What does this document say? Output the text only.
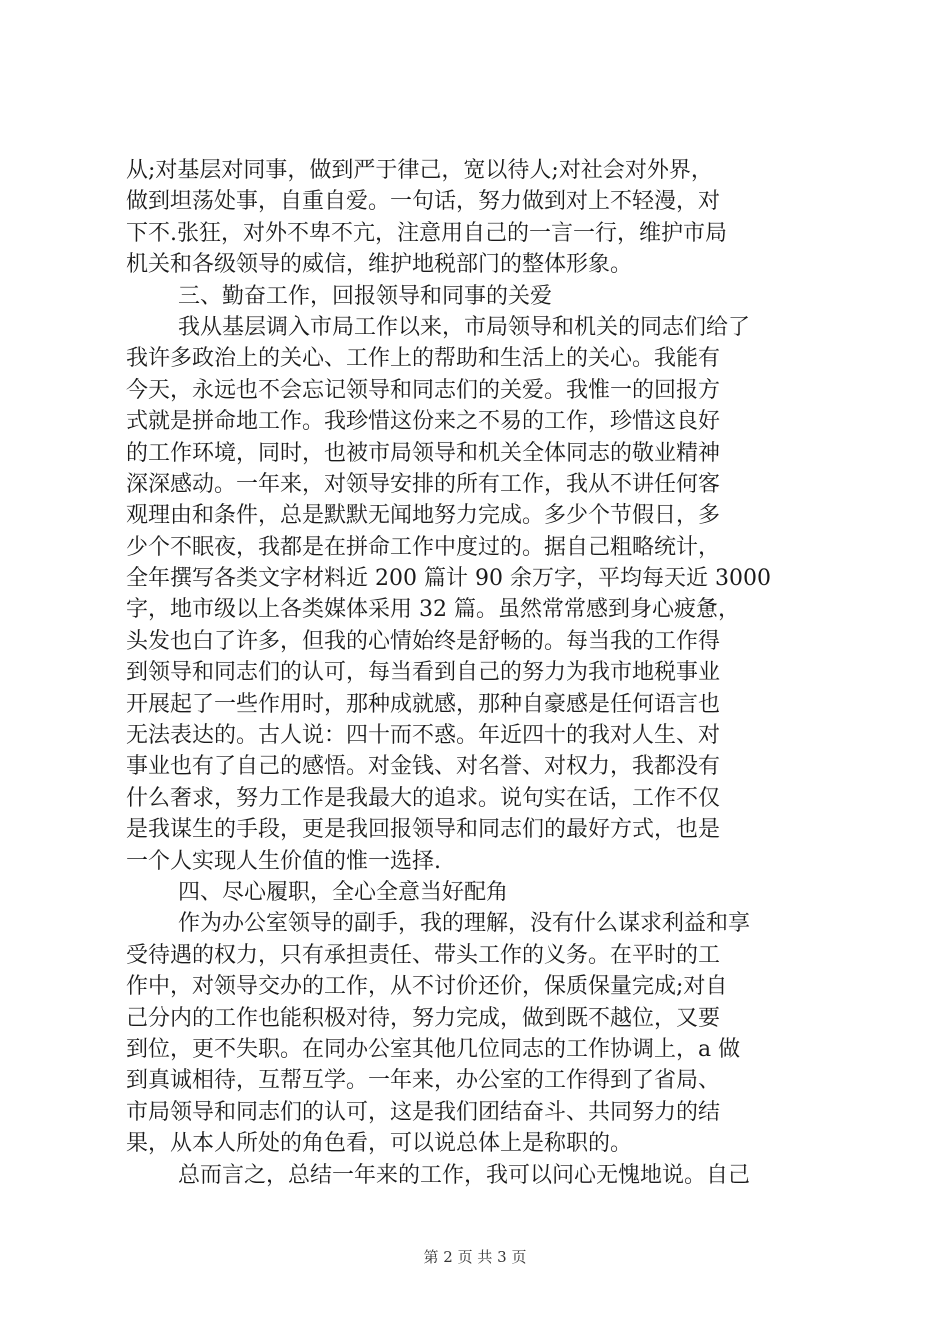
从;对基层对同事，做到严于律己，宽以待人;对社会对外界，
做到坦荡处事，自重自爱。一句话，努力做到对上不轻漫，对
下不.张狂，对外不卑不亢，注意用自己的一言一行，维护市局
机关和各级领导的威信，维护地税部门的整体形象。
三、勤奋工作，回报领导和同事的关爱
我从基层调入市局工作以来，市局领导和机关的同志们给了
我许多政治上的关心、工作上的帮助和生活上的关心。我能有
今天，永远也不会忘记领导和同志们的关爱。我惟一的回报方
式就是拼命地工作。我珍惜这份来之不易的工作，珍惜这良好
的工作环境，同时，也被市局领导和机关全体同志的敬业精神
深深感动。一年来，对领导安排的所有工作，我从不讲任何客
观理由和条件，总是默默无闻地努力完成。多少个节假日，多
少个不眠夜，我都是在拼命工作中度过的。据自己粗略统计，
全年撰写各类文字材料近 200 篇计 90 余万字，平均每天近 3000
字，地市级以上各类媒体采用 32 篇。虽然常常感到身心疲惫，
头发也白了许多，但我的心情始终是舒畅的。每当我的工作得
到领导和同志们的认可，每当看到自己的努力为我市地税事业
开展起了一些作用时，那种成就感，那种自豪感是任何语言也
无法表达的。古人说：四十而不惑。年近四十的我对人生、对
事业也有了自己的感悟。对金钱、对名誉、对权力，我都没有
什么奢求，努力工作是我最大的追求。说句实在话，工作不仅
是我谋生的手段，更是我回报领导和同志们的最好方式，也是
一个人实现人生价值的惟一选择.
四、尽心履职，全心全意当好配角
作为办公室领导的副手，我的理解，没有什么谋求利益和享
受待遇的权力，只有承担责任、带头工作的义务。在平时的工
作中，对领导交办的工作，从不讨价还价，保质保量完成;对自
己分内的工作也能积极对待，努力完成，做到既不越位，又要
到位，更不失职。在同办公室其他几位同志的工作协调上，a 做
到真诚相待，互帮互学。一年来，办公室的工作得到了省局、
市局领导和同志们的认可，这是我们团结奋斗、共同努力的结
果，从本人所处的角色看，可以说总体上是称职的。
总而言之，总结一年来的工作，我可以问心无愧地说。自己
第 2 页 共 3 页
